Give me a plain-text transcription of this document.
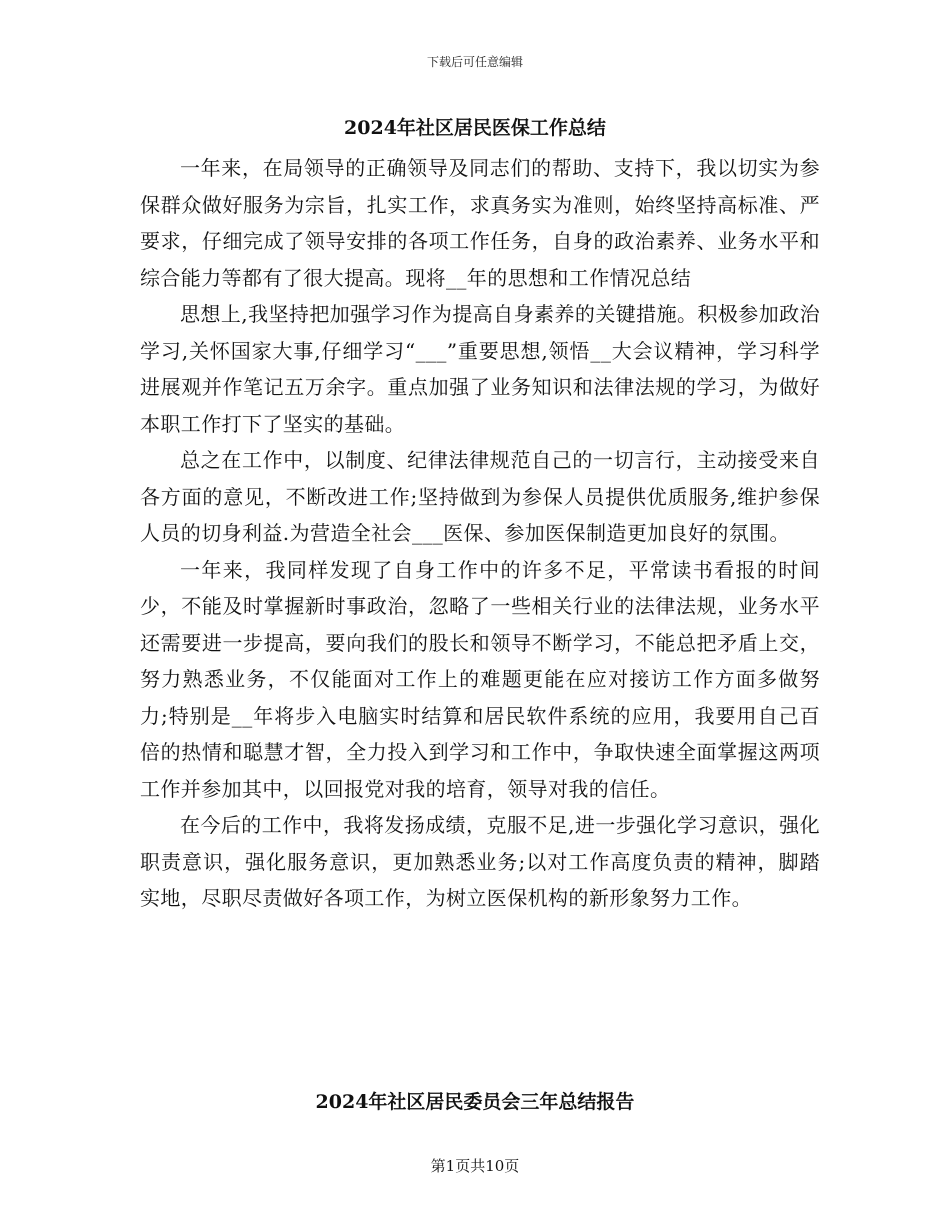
下载后可任意编辑
2024年社区居民医保工作总结

一年来，在局领导的正确领导及同志们的帮助、支持下，我以切实为参保群众做好服务为宗旨，扎实工作，求真务实为准则，始终坚持高标准、严要求，仔细完成了领导安排的各项工作任务，自身的政治素养、业务水平和综合能力等都有了很大提高。现将__年的思想和工作情况总结

思想上,我坚持把加强学习作为提高自身素养的关键措施。积极参加政治学习,关怀国家大事,仔细学习“___”重要思想,领悟__大会议精神，学习科学进展观并作笔记五万余字。重点加强了业务知识和法律法规的学习，为做好本职工作打下了坚实的基础。

总之在工作中，以制度、纪律法律规范自己的一切言行，主动接受来自各方面的意见，不断改进工作;坚持做到为参保人员提供优质服务,维护参保人员的切身利益.为营造全社会___医保、参加医保制造更加良好的氛围。

一年来，我同样发现了自身工作中的许多不足，平常读书看报的时间少，不能及时掌握新时事政治，忽略了一些相关行业的法律法规，业务水平还需要进一步提高，要向我们的股长和领导不断学习，不能总把矛盾上交，努力熟悉业务，不仅能面对工作上的难题更能在应对接访工作方面多做努力;特别是__年将步入电脑实时结算和居民软件系统的应用，我要用自己百倍的热情和聪慧才智，全力投入到学习和工作中，争取快速全面掌握这两项工作并参加其中，以回报党对我的培育，领导对我的信任。

在今后的工作中，我将发扬成绩，克服不足,进一步强化学习意识，强化职责意识，强化服务意识，更加熟悉业务;以对工作高度负责的精神，脚踏实地，尽职尽责做好各项工作，为树立医保机构的新形象努力工作。

2024年社区居民委员会三年总结报告
第1页共10页
